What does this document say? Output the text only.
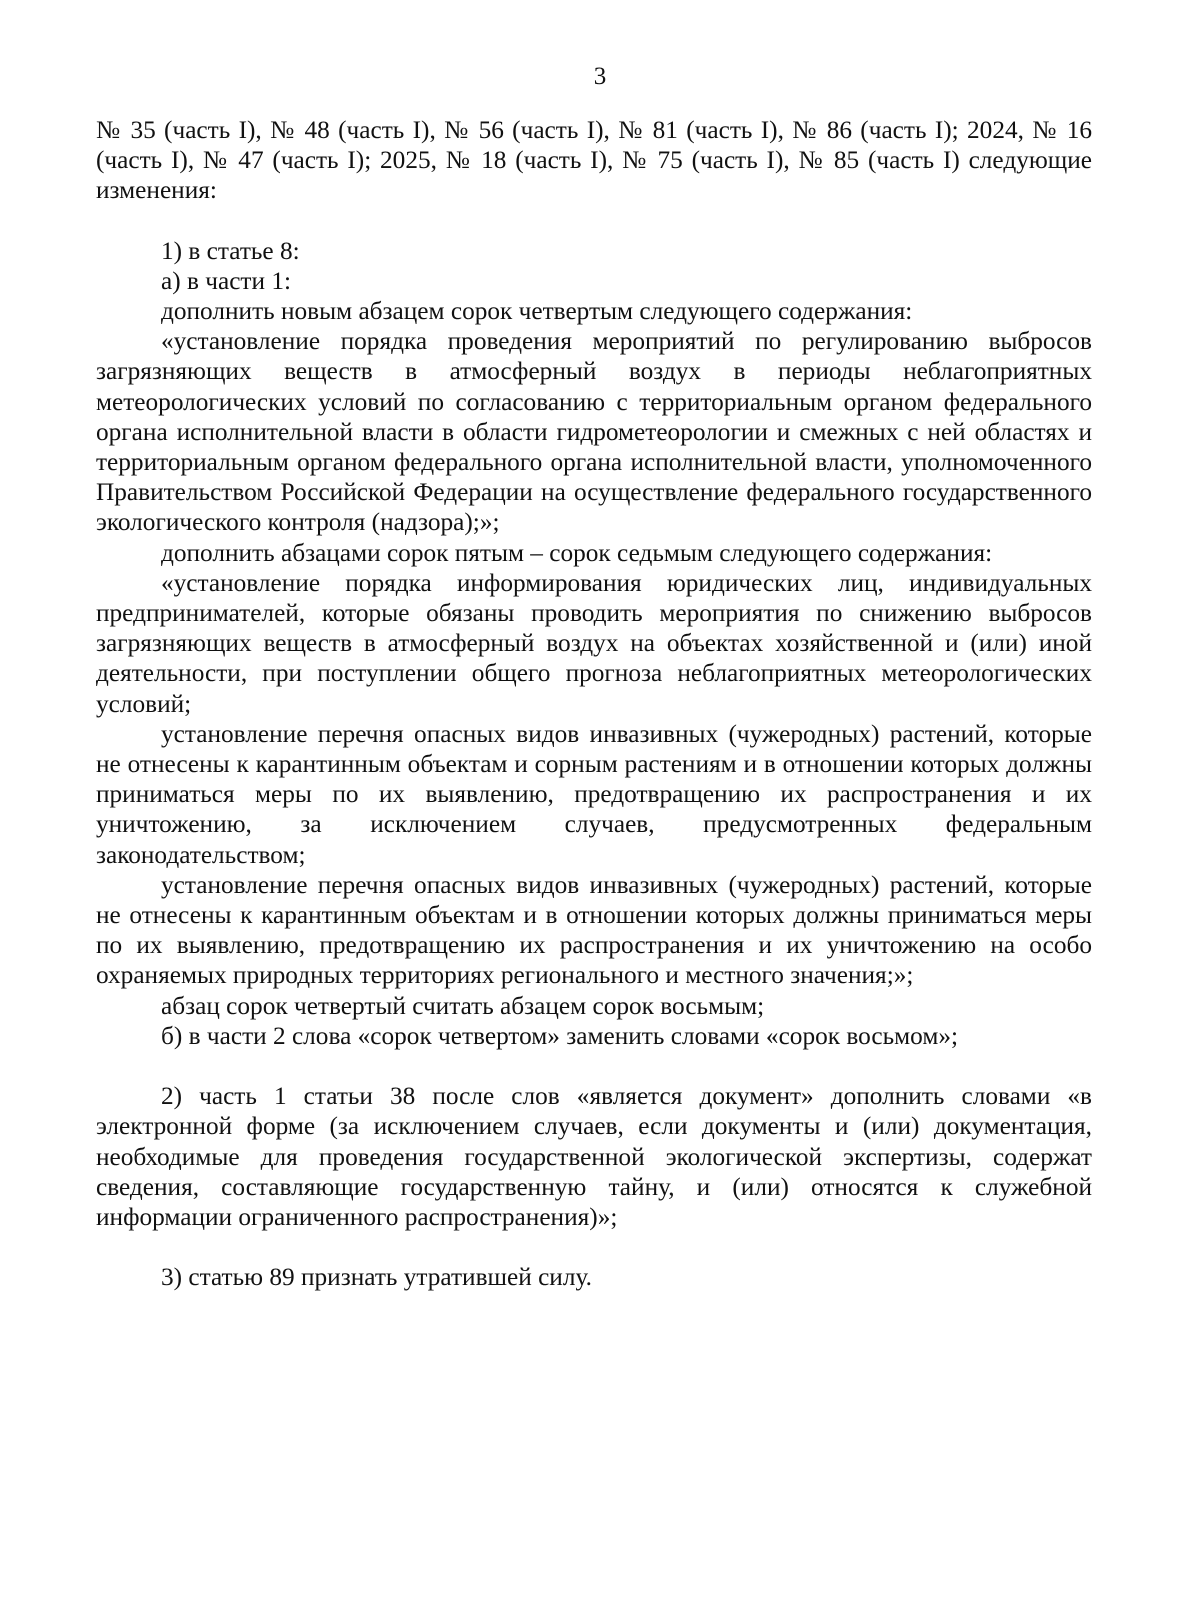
3

№ 35 (часть I), № 48 (часть I), № 56 (часть I), № 81 (часть I), № 86 (часть I); 2024, № 16 (часть I), № 47 (часть I); 2025, № 18 (часть I), № 75 (часть I), № 85 (часть I) следующие изменения:

1) в статье 8:

а) в части 1:

дополнить новым абзацем сорок четвертым следующего содержания:

«установление порядка проведения мероприятий по регулированию выбросов загрязняющих веществ в атмосферный воздух в периоды неблагоприятных метеорологических условий по согласованию с территориальным органом федерального органа исполнительной власти в области гидрометеорологии и смежных с ней областях и территориальным органом федерального органа исполнительной власти, уполномоченного Правительством Российской Федерации на осуществление федерального государственного экологического контроля (надзора);»;

дополнить абзацами сорок пятым – сорок седьмым следующего содержания:

«установление порядка информирования юридических лиц, индивидуальных предпринимателей, которые обязаны проводить мероприятия по снижению выбросов загрязняющих веществ в атмосферный воздух на объектах хозяйственной и (или) иной деятельности, при поступлении общего прогноза неблагоприятных метеорологических условий;

установление перечня опасных видов инвазивных (чужеродных) растений, которые не отнесены к карантинным объектам и сорным растениям и в отношении которых должны приниматься меры по их выявлению, предотвращению их распространения и их уничтожению, за исключением случаев, предусмотренных федеральным законодательством;

установление перечня опасных видов инвазивных (чужеродных) растений, которые не отнесены к карантинным объектам и в отношении которых должны приниматься меры по их выявлению, предотвращению их распространения и их уничтожению на особо охраняемых природных территориях регионального и местного значения;»;

абзац сорок четвертый считать абзацем сорок восьмым;

б) в части 2 слова «сорок четвертом» заменить словами «сорок восьмом»;

2) часть 1 статьи 38 после слов «является документ» дополнить словами «в электронной форме (за исключением случаев, если документы и (или) документация, необходимые для проведения государственной экологической экспертизы, содержат сведения, составляющие государственную тайну, и (или) относятся к служебной информации ограниченного распространения)»;

3) статью 89 признать утратившей силу.
